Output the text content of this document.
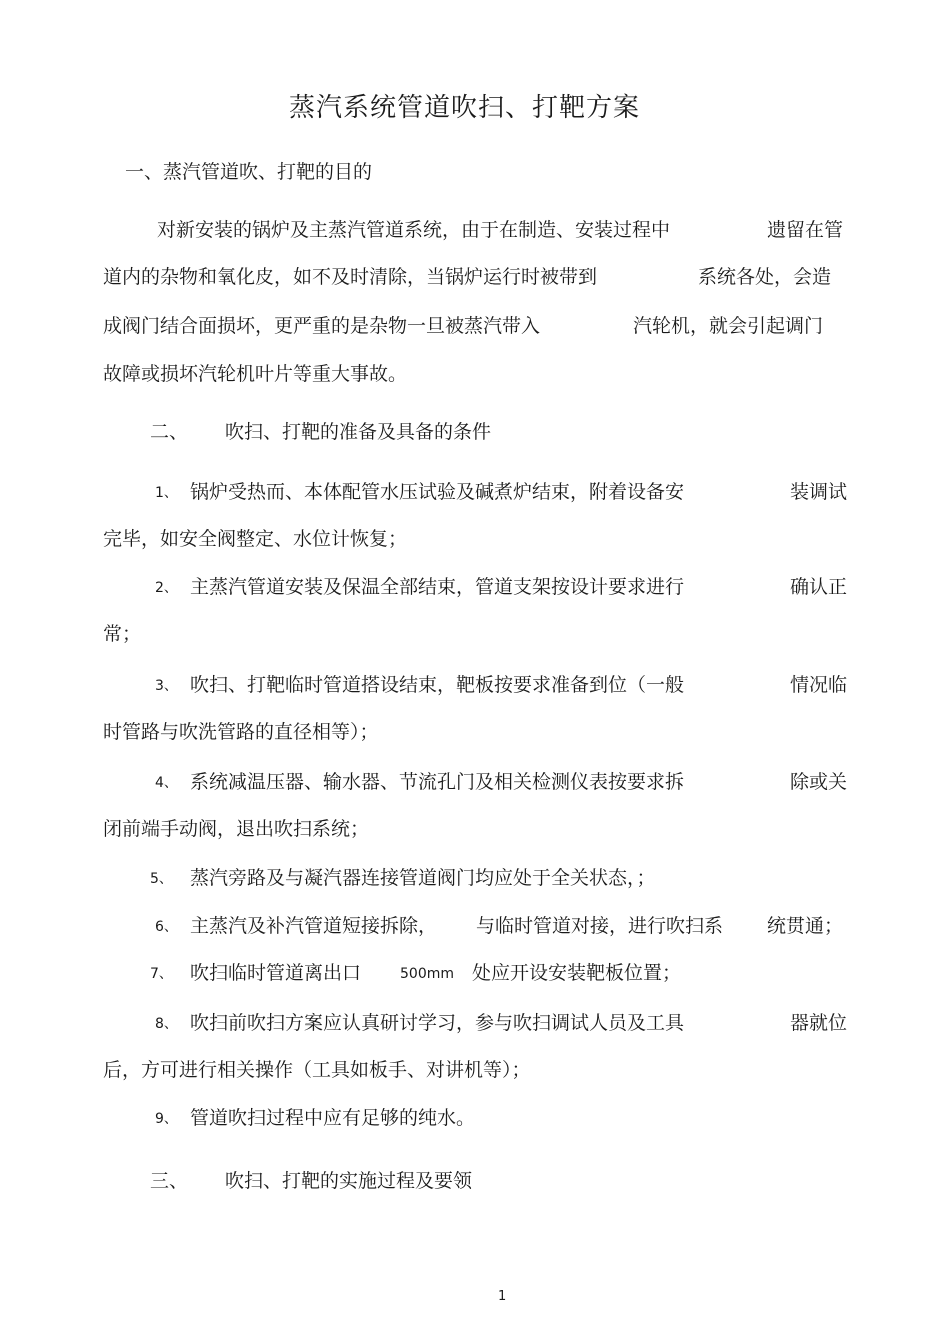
蒸汽系统管道吹扫、打靶方案
一、蒸汽管道吹、打靶的目的
对新安装的锅炉及主蒸汽管道系统，由于在制造、安装过程中	遗留在管
道内的杂物和氧化皮，如不及时清除，当锅炉运行时被带到	系统各处，会造
成阀门结合面损坏，更严重的是杂物一旦被蒸汽带入	汽轮机，就会引起调门
故障或损坏汽轮机叶片等重大事故。
二、 吹扫、打靶的准备及具备的条件
1、 锅炉受热而、本体配管水压试验及碱煮炉结束，附着设备安	装调试
完毕，如安全阀整定、水位计恢复；
2、 主蒸汽管道安装及保温全部结束，管道支架按设计要求进行	确认正
常；
3、 吹扫、打靶临时管道搭设结束，靶板按要求准备到位（一般	情况临
时管路与吹洗管路的直径相等）；
4、 系统减温压器、输水器、节流孔门及相关检测仪表按要求拆	除或关
闭前端手动阀，退出吹扫系统；
5、 蒸汽旁路及与凝汽器连接管道阀门均应处于全关状态，；
6、 主蒸汽及补汽管道短接拆除， 与临时管道对接，进行吹扫系 统贯通；
7、 吹扫临时管道离出口	500mm 处应开设安装靶板位置；
8、 吹扫前吹扫方案应认真研讨学习，参与吹扫调试人员及工具	器就位
后，方可进行相关操作（工具如板手、对讲机等）；
9、 管道吹扫过程中应有足够的纯水。
三、 吹扫、打靶的实施过程及要领
1
